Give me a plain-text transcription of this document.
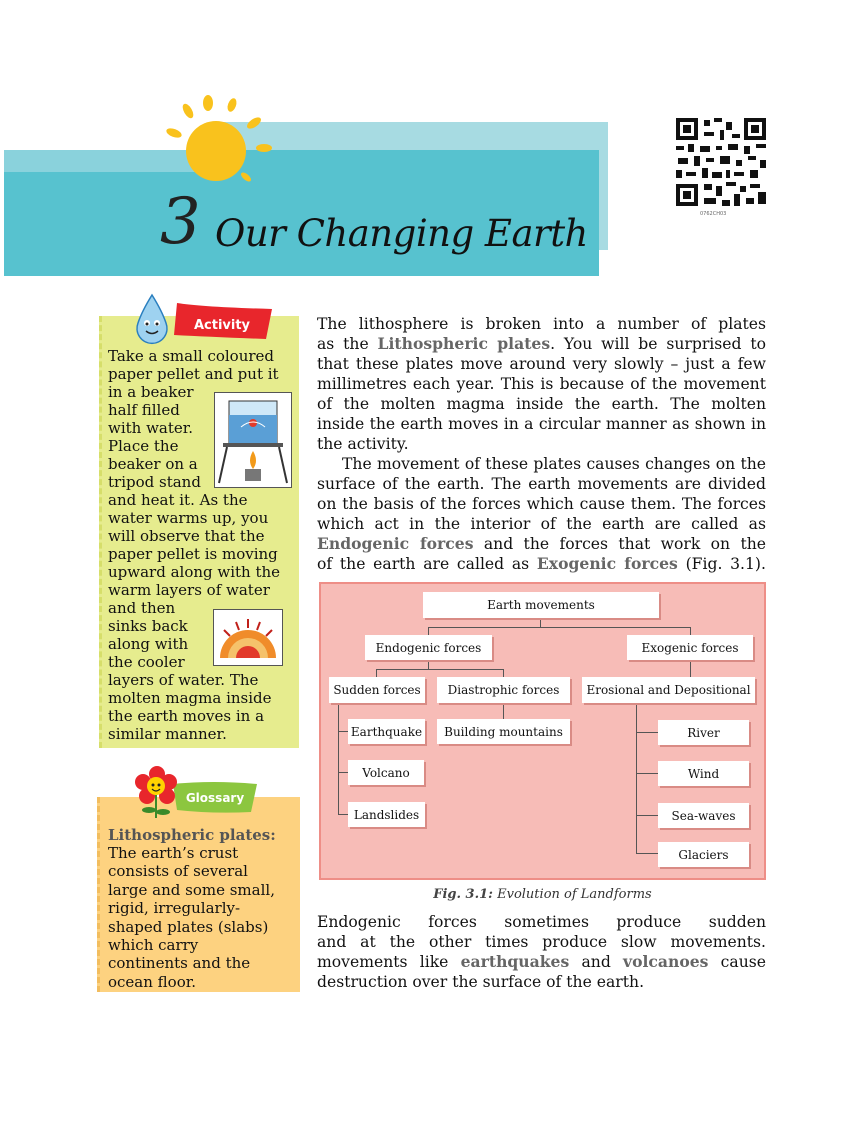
3 Our Changing Earth	0762CH03
Activity

Take a small coloured

paper pellet and put it

in a beaker

half filled

with water.

Place the

beaker on a

tripod stand

and heat it. As the

water warms up, you

will observe that the

paper pellet is moving

upward along with the

warm layers of water

and then

sinks back

along with

the cooler

layers of water. The

molten magma inside

the earth moves in a

similar manner.

Glossary

Lithospheric plates:

The earth’s crust

consists of several

large and some small,

rigid, irregularly-

shaped plates (slabs)

which carry

continents and the

ocean floor.

The lithosphere is broken into a number of plates

as the Lithospheric plates. You will be surprised to

that these plates move around very slowly – just a few

millimetres each year. This is because of the movement

of the molten magma inside the earth. The molten

inside the earth moves in a circular manner as shown in

the activity.

The movement of these plates causes changes on the

surface of the earth. The earth movements are divided

on the basis of the forces which cause them. The forces

which act in the interior of the earth are called as

Endogenic forces and the forces that work on the

of the earth are called as Exogenic forces (Fig. 3.1).

Earth movements
Endogenic forces	Exogenic forces
Sudden forces	Diastrophic forces	Erosional and Depositional
Earthquake	Building mountains
Volcano
Landslides
River
Wind
Sea-waves
Glaciers
Fig. 3.1: Evolution of Landforms

Endogenic forces sometimes produce sudden

and at the other times produce slow movements.

movements like earthquakes and volcanoes cause

destruction over the surface of the earth.
